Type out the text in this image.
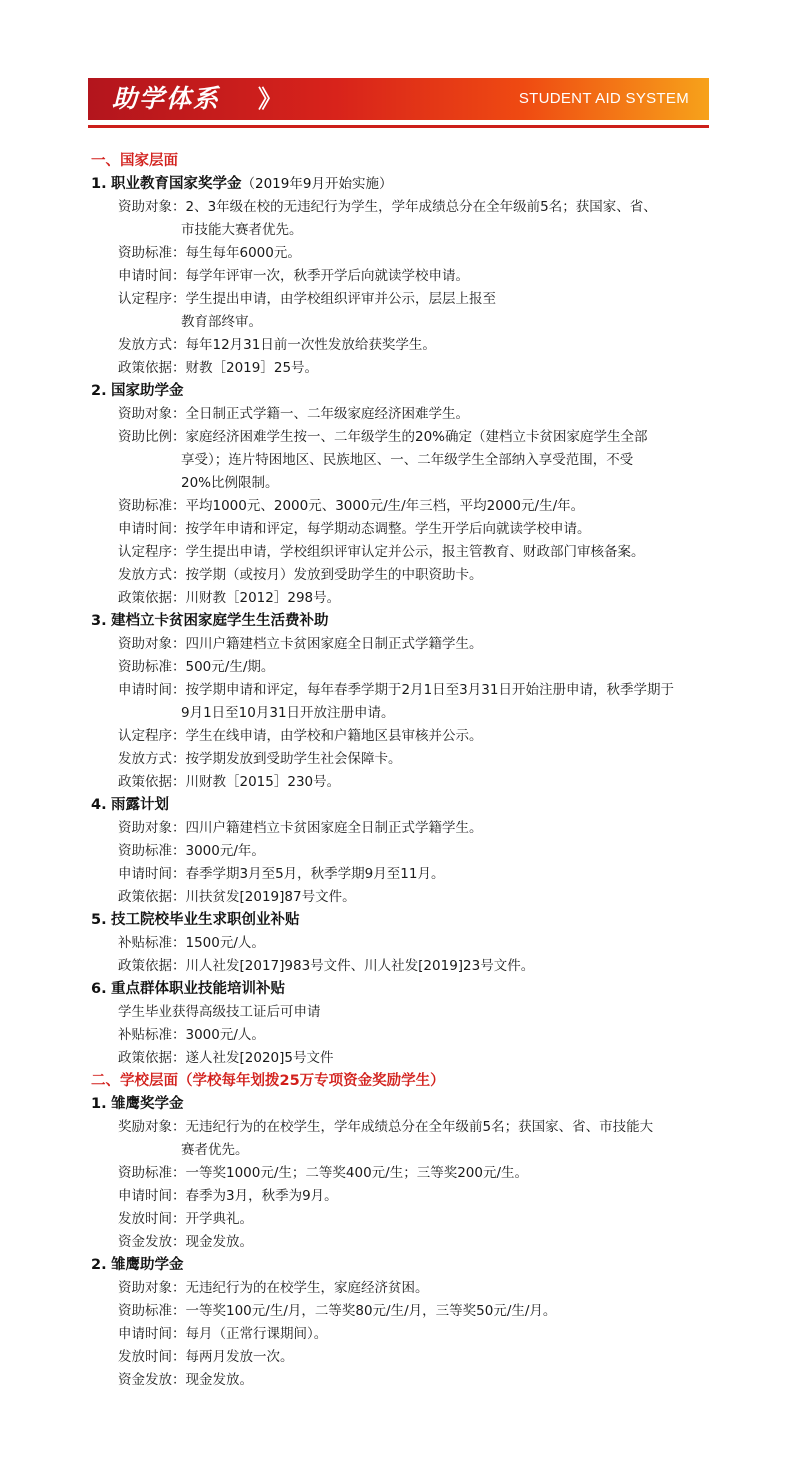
助学体系 》	STUDENT AID SYSTEM
一、国家层面
1. 职业教育国家奖学金（2019年9月开始实施）
资助对象： 2、3年级在校的无违纪行为学生，学年成绩总分在全年级前5名；获国家、省、
市技能大赛者优先。
资助标准： 每生每年6000元。
申请时间： 每学年评审一次，秋季开学后向就读学校申请。
认定程序： 学生提出申请，由学校组织评审并公示，层层上报至
教育部终审。
发放方式： 每年12月31日前一次性发放给获奖学生。
政策依据： 财教［2019］25号。
2. 国家助学金
资助对象： 全日制正式学籍一、二年级家庭经济困难学生。
资助比例： 家庭经济困难学生按一、二年级学生的20%确定（建档立卡贫困家庭学生全部
享受）；连片特困地区、民族地区、一、二年级学生全部纳入享受范围，不受
20%比例限制。
资助标准： 平均1000元、2000元、3000元/生/年三档，平均2000元/生/年。
申请时间： 按学年申请和评定，每学期动态调整。学生开学后向就读学校申请。
认定程序： 学生提出申请，学校组织评审认定并公示，报主管教育、财政部门审核备案。
发放方式： 按学期（或按月）发放到受助学生的中职资助卡。
政策依据： 川财教［2012］298号。
3. 建档立卡贫困家庭学生生活费补助
资助对象： 四川户籍建档立卡贫困家庭全日制正式学籍学生。
资助标准： 500元/生/期。
申请时间： 按学期申请和评定，每年春季学期于2月1日至3月31日开始注册申请，秋季学期于
9月1日至10月31日开放注册申请。
认定程序： 学生在线申请，由学校和户籍地区县审核并公示。
发放方式： 按学期发放到受助学生社会保障卡。
政策依据： 川财教［2015］230号。
4. 雨露计划
资助对象： 四川户籍建档立卡贫困家庭全日制正式学籍学生。
资助标准： 3000元/年。
申请时间： 春季学期3月至5月，秋季学期9月至11月。
政策依据： 川扶贫发[2019]87号文件。
5. 技工院校毕业生求职创业补贴
补贴标准： 1500元/人。
政策依据： 川人社发[2017]983号文件、川人社发[2019]23号文件。
6. 重点群体职业技能培训补贴
学生毕业获得高级技工证后可申请
补贴标准： 3000元/人。
政策依据： 遂人社发[2020]5号文件
二、学校层面（学校每年划拨25万专项资金奖励学生）
1. 雏鹰奖学金
奖励对象： 无违纪行为的在校学生，学年成绩总分在全年级前5名；获国家、省、市技能大
赛者优先。
资助标准： 一等奖1000元/生；二等奖400元/生；三等奖200元/生。
申请时间： 春季为3月，秋季为9月。
发放时间： 开学典礼。
资金发放： 现金发放。
2. 雏鹰助学金
资助对象： 无违纪行为的在校学生，家庭经济贫困。
资助标准： 一等奖100元/生/月，二等奖80元/生/月，三等奖50元/生/月。
申请时间： 每月（正常行课期间）。
发放时间： 每两月发放一次。
资金发放： 现金发放。
